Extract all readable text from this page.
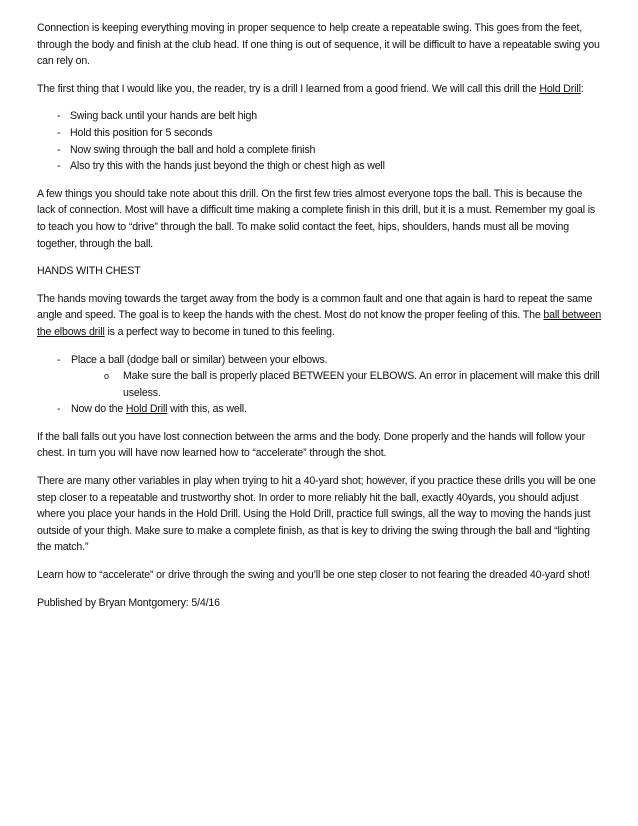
Connection is keeping everything moving in proper sequence to help create a repeatable swing. This goes from the feet, through the body and finish at the club head. If one thing is out of sequence, it will be difficult to have a repeatable swing you can rely on.

The first thing that I would like you, the reader, try is a drill I learned from a good friend. We will call this drill the Hold Drill:

- Swing back until your hands are belt high
- Hold this position for 5 seconds
- Now swing through the ball and hold a complete finish
- Also try this with the hands just beyond the thigh or chest high as well

A few things you should take note about this drill. On the first few tries almost everyone tops the ball. This is because the lack of connection. Most will have a difficult time making a complete finish in this drill, but it is a must. Remember my goal is to teach you how to “drive” through the ball. To make solid contact the feet, hips, shoulders, hands must all be moving together, through the ball.

HANDS WITH CHEST

The hands moving towards the target away from the body is a common fault and one that again is hard to repeat the same angle and speed. The goal is to keep the hands with the chest. Most do not know the proper feeling of this. The ball between the elbows drill is a perfect way to become in tuned to this feeling.

- Place a ball (dodge ball or similar) between your elbows.
o Make sure the ball is properly placed BETWEEN your ELBOWS. An error in placement will make this drill useless.
- Now do the Hold Drill with this, as well.

If the ball falls out you have lost connection between the arms and the body. Done properly and the hands will follow your chest. In turn you will have now learned how to “accelerate” through the shot.

There are many other variables in play when trying to hit a 40-yard shot; however, if you practice these drills you will be one step closer to a repeatable and trustworthy shot. In order to more reliably hit the ball, exactly 40yards, you should adjust where you place your hands in the Hold Drill. Using the Hold Drill, practice full swings, all the way to moving the hands just outside of your thigh. Make sure to make a complete finish, as that is key to driving the swing through the ball and “lighting the match.”

Learn how to “accelerate” or drive through the swing and you’ll be one step closer to not fearing the dreaded 40-yard shot!

Published by Bryan Montgomery: 5/4/16
